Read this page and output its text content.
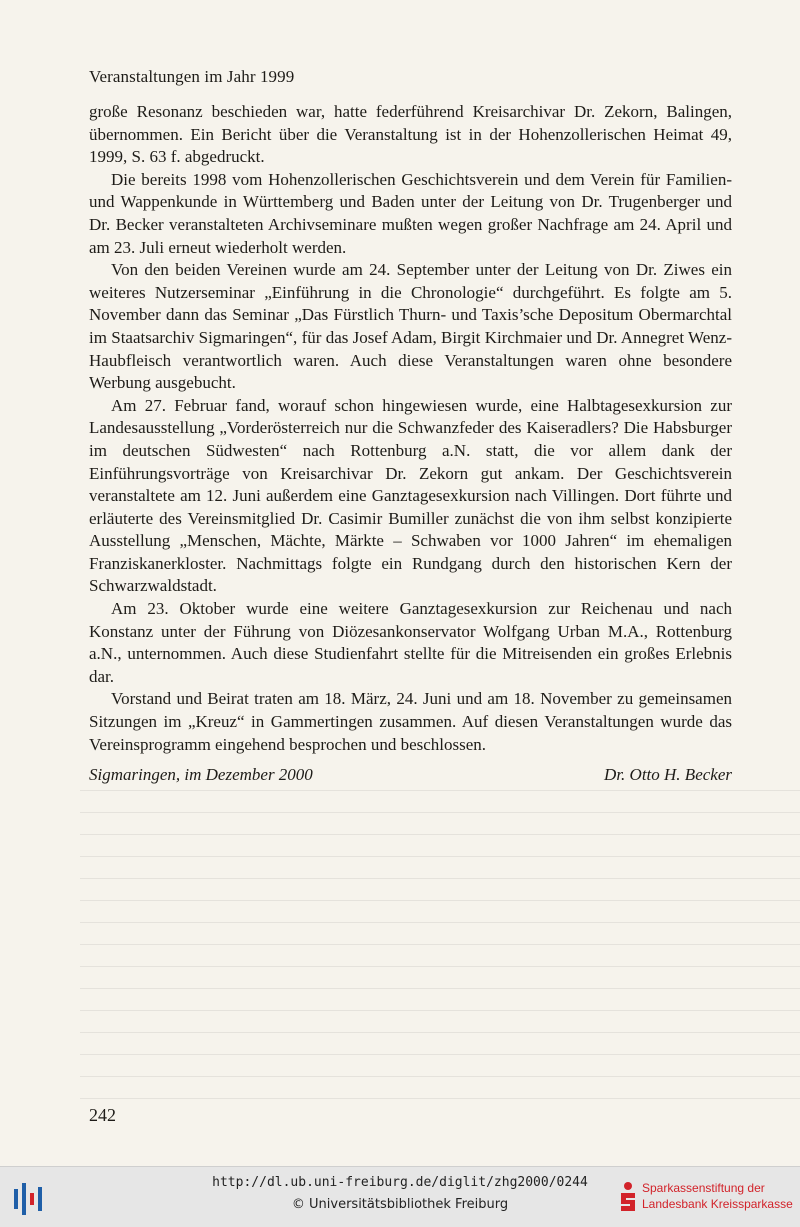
Veranstaltungen im Jahr 1999

große Resonanz beschieden war, hatte federführend Kreisarchivar Dr. Zekorn, Balingen, übernommen. Ein Bericht über die Veranstaltung ist in der Hohenzollerischen Heimat 49, 1999, S. 63 f. abgedruckt.

Die bereits 1998 vom Hohenzollerischen Geschichtsverein und dem Verein für Familien- und Wappenkunde in Württemberg und Baden unter der Leitung von Dr. Trugenberger und Dr. Becker veranstalteten Archivseminare mußten wegen großer Nachfrage am 24. April und am 23. Juli erneut wiederholt werden.

Von den beiden Vereinen wurde am 24. September unter der Leitung von Dr. Ziwes ein weiteres Nutzerseminar „Einführung in die Chronologie“ durchgeführt. Es folgte am 5. November dann das Seminar „Das Fürstlich Thurn- und Taxis’sche Depositum Obermarchtal im Staatsarchiv Sigmaringen“, für das Josef Adam, Birgit Kirchmaier und Dr. Annegret Wenz-Haubfleisch verantwortlich waren. Auch diese Veranstaltungen waren ohne besondere Werbung ausgebucht.

Am 27. Februar fand, worauf schon hingewiesen wurde, eine Halbtagesexkursion zur Landesausstellung „Vorderösterreich nur die Schwanzfeder des Kaiseradlers? Die Habsburger im deutschen Südwesten“ nach Rottenburg a.N. statt, die vor allem dank der Einführungsvorträge von Kreisarchivar Dr. Zekorn gut ankam. Der Geschichtsverein veranstaltete am 12. Juni außerdem eine Ganztagesexkursion nach Villingen. Dort führte und erläuterte des Vereinsmitglied Dr. Casimir Bumiller zunächst die von ihm selbst konzipierte Ausstellung „Menschen, Mächte, Märkte – Schwaben vor 1000 Jahren“ im ehemaligen Franziskanerkloster. Nachmittags folgte ein Rundgang durch den historischen Kern der Schwarzwaldstadt.

Am 23. Oktober wurde eine weitere Ganztagesexkursion zur Reichenau und nach Konstanz unter der Führung von Diözesankonservator Wolfgang Urban M.A., Rottenburg a.N., unternommen. Auch diese Studienfahrt stellte für die Mitreisenden ein großes Erlebnis dar.

Vorstand und Beirat traten am 18. März, 24. Juni und am 18. November zu gemeinsamen Sitzungen im „Kreuz“ in Gammertingen zusammen. Auf diesen Veranstaltungen wurde das Vereinsprogramm eingehend besprochen und beschlossen.

Sigmaringen, im Dezember 2000	Dr. Otto H. Becker
242
http://dl.ub.uni-freiburg.de/diglit/zhg2000/0244
© Universitätsbibliothek Freiburg
Sparkassenstiftung der
Landesbank Kreissparkasse
